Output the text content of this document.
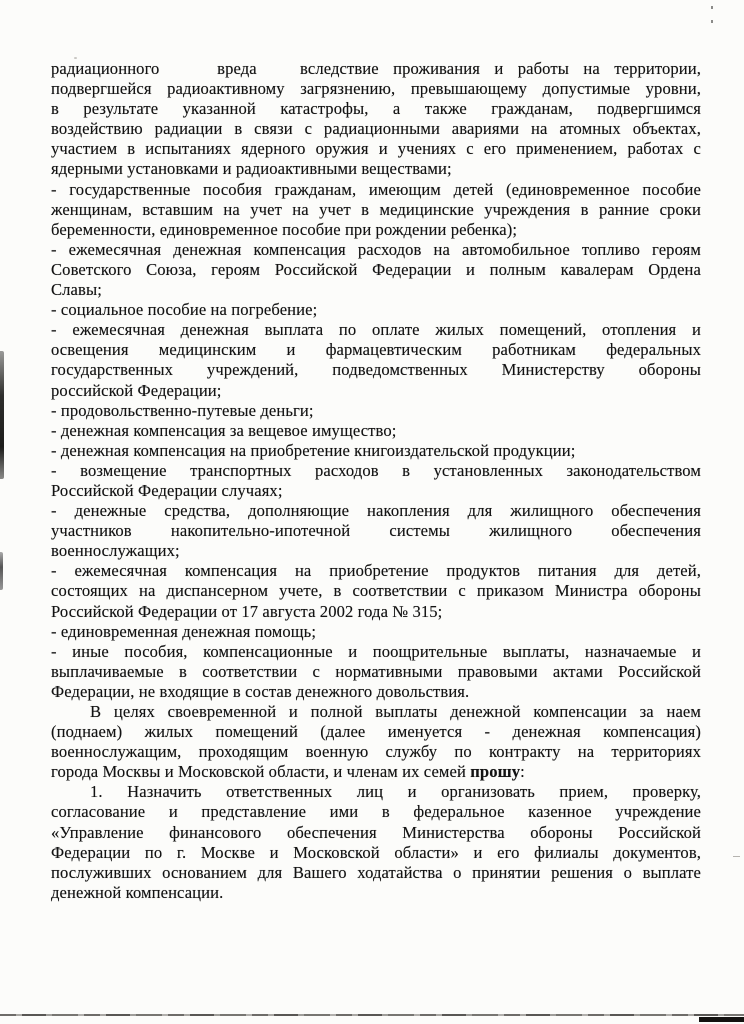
радиационного    вреда   вследствие проживания и работы на территории,
подвергшейся радиоактивному загрязнению, превышающему допустимые уровни,
в результате указанной катастрофы, а также гражданам, подвергшимся
воздействию радиации в связи с радиационными авариями на атомных объектах,
участием в испытаниях ядерного оружия и учениях с его применением, работах с
ядерными установками и радиоактивными веществами;
- государственные пособия гражданам, имеющим детей (единовременное пособие
женщинам, вставшим на учет на учет в медицинские учреждения в ранние сроки
беременности, единовременное пособие при рождении ребенка);
- ежемесячная денежная компенсация расходов на автомобильное топливо героям
Советского Союза, героям Российской Федерации и полным кавалерам Ордена
Славы;
- социальное пособие на погребение;
- ежемесячная денежная выплата по оплате жилых помещений, отопления и
освещения медицинским и фармацевтическим работникам федеральных
государственных учреждений, подведомственных Министерству обороны
российской Федерации;
- продовольственно-путевые деньги;
- денежная компенсация за вещевое имущество;
- денежная компенсация на приобретение книгоиздательской продукции;
- возмещение транспортных расходов в установленных законодательством
Российской Федерации случаях;
- денежные средства, дополняющие накопления для жилищного обеспечения
участников накопительно-ипотечной системы жилищного обеспечения
военнослужащих;
- ежемесячная компенсация на приобретение продуктов питания для детей,
состоящих на диспансерном учете, в соответствии с приказом Министра обороны
Российской Федерации от 17 августа 2002 года № 315;
- единовременная денежная помощь;
- иные пособия, компенсационные и поощрительные выплаты, назначаемые и
выплачиваемые в соответствии с нормативными правовыми актами Российской
Федерации, не входящие в состав денежного довольствия.
В целях своевременной и полной выплаты денежной компенсации за наем
(поднаем) жилых помещений (далее именуется - денежная компенсация)
военнослужащим, проходящим военную службу по контракту на территориях
города Москвы и Московской области, и членам их семей прошу:
1. Назначить ответственных лиц и организовать прием, проверку,
согласование и представление ими в федеральное казенное учреждение
«Управление финансового обеспечения Министерства обороны Российской
Федерации по г. Москве и Московской области» и его филиалы документов,
послуживших основанием для Вашего ходатайства о принятии решения о выплате
денежной компенсации.
